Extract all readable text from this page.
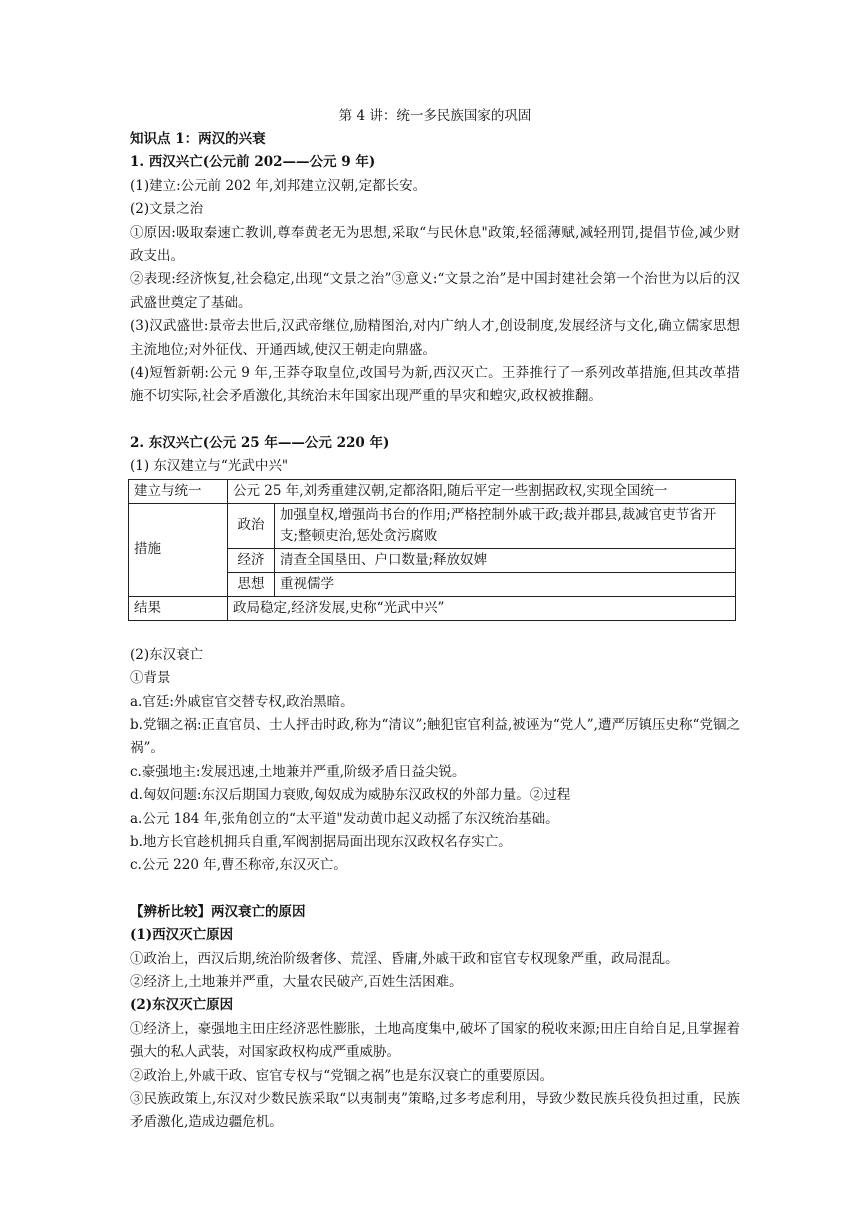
第 4 讲：统一多民族国家的巩固
知识点 1：两汉的兴衰
1. 西汉兴亡(公元前 202——公元 9 年)
(1)建立:公元前 202 年,刘邦建立汉朝,定都长安。
(2)文景之治
①原因:吸取秦速亡教训,尊奉黄老无为思想,采取“与民休息"政策,轻徭薄赋,减轻刑罚,提倡节俭,减少财政支出。
②表现:经济恢复,社会稳定,出现“文景之治”③意义:“文景之治”是中国封建社会第一个治世为以后的汉武盛世奠定了基础。
(3)汉武盛世:景帝去世后,汉武帝继位,励精图治,对内广纳人才,创设制度,发展经济与文化,确立儒家思想主流地位;对外征伐、开通西域,使汉王朝走向鼎盛。
(4)短暂新朝:公元 9 年,王莽夺取皇位,改国号为新,西汉灭亡。王莽推行了一系列改革措施,但其改革措施不切实际,社会矛盾激化,其统治末年国家出现严重的旱灾和蝗灾,政权被推翻。
2. 东汉兴亡(公元 25 年——公元 220 年)
(1) 东汉建立与“光武中兴"
建立与统一	公元 25 年,刘秀重建汉朝,定都洛阳,随后平定一些割据政权,实现全国统一	
措施	政治	加强皇权,增强尚书台的作用;严格控制外戚干政;裁并郡县,裁减官吏节省开支;整顿吏治,惩处贪污腐败
	经济	清查全国垦田、户口数量;释放奴婢
	思想	重视儒学
结果	政局稳定,经济发展,史称“光武中兴”	
(2)东汉衰亡
①背景
a.官廷:外戚宦官交替专权,政治黑暗。
b.党锢之祸:正直官员、士人抨击时政,称为“清议”;触犯宦官利益,被诬为“党人”,遭严厉镇压史称“党锢之祸”。
c.豪强地主:发展迅速,土地兼并严重,阶级矛盾日益尖锐。
d.匈奴问题:东汉后期国力衰败,匈奴成为威胁东汉政权的外部力量。②过程
a.公元 184 年,张角创立的“太平道"发动黄巾起义动摇了东汉统治基础。
b.地方长官趁机拥兵自重,军阀割据局面出现东汉政权名存实亡。
c.公元 220 年,曹丕称帝,东汉灭亡。
【辨析比较】两汉衰亡的原因
(1)西汉灭亡原因
①政治上，西汉后期,统治阶级奢侈、荒淫、昏庸,外戚干政和宦官专权现象严重，政局混乱。
②经济上,土地兼并严重，大量农民破产,百姓生活困难。
(2)东汉灭亡原因
①经济上，豪强地主田庄经济恶性膨胀，土地高度集中,破坏了国家的税收来源;田庄自给自足,且掌握着强大的私人武装，对国家政权构成严重威胁。
②政治上,外戚干政、宦官专权与“党锢之祸”也是东汉衰亡的重要原因。
③民族政策上,东汉对少数民族采取“以夷制夷”策略,过多考虑利用，导致少数民族兵役负担过重，民族矛盾激化,造成边疆危机。
